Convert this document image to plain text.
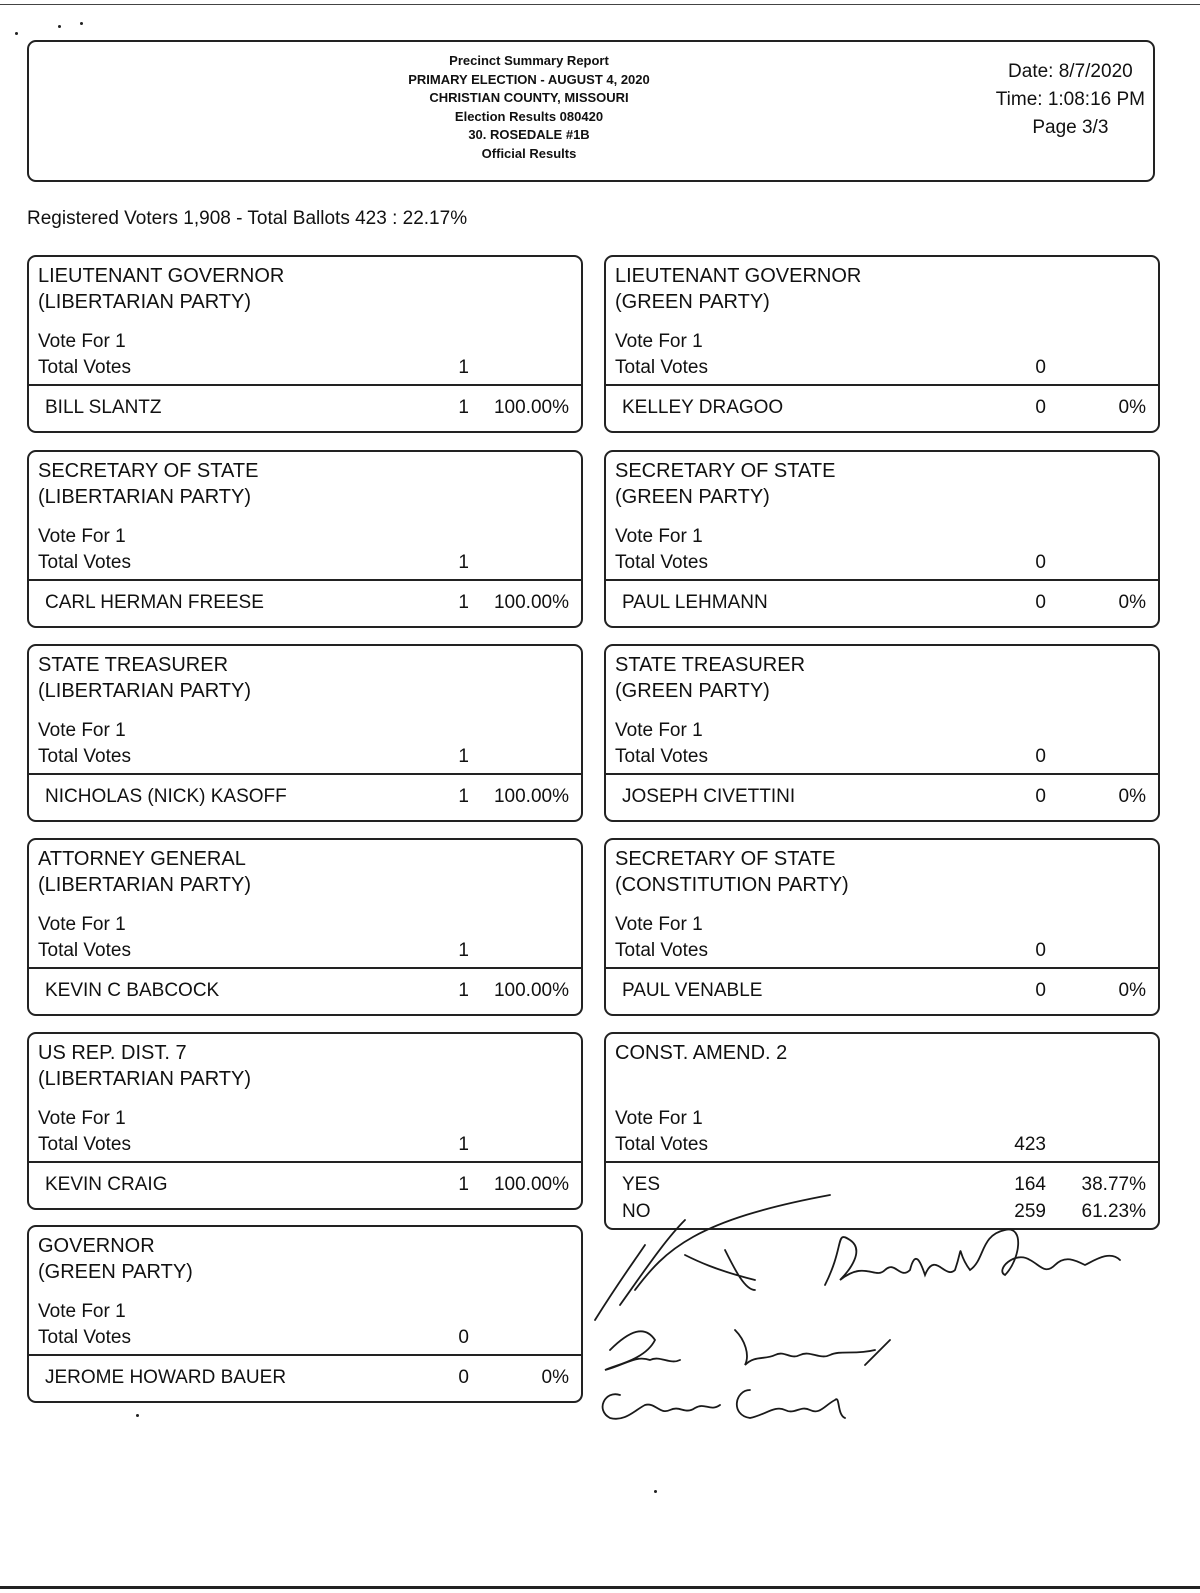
Precinct Summary Report
PRIMARY ELECTION - AUGUST 4, 2020
CHRISTIAN COUNTY, MISSOURI
Election Results 080420
30. ROSEDALE #1B
Official Results
Date: 8/7/2020
Time: 1:08:16 PM
Page 3/3
Registered Voters 1,908 - Total Ballots 423 : 22.17%
LIEUTENANT GOVERNOR
(LIBERTARIAN PARTY)
Vote For 1
Total Votes	1
BILL SLANTZ	1 100.00%
LIEUTENANT GOVERNOR
(GREEN PARTY)
Vote For 1
Total Votes	0
KELLEY DRAGOO	0	0%
SECRETARY OF STATE
(LIBERTARIAN PARTY)
Vote For 1
Total Votes	1
CARL HERMAN FREESE	1 100.00%
SECRETARY OF STATE
(GREEN PARTY)
Vote For 1
Total Votes	0
PAUL LEHMANN	0	0%
STATE TREASURER
(LIBERTARIAN PARTY)
Vote For 1
Total Votes	1
NICHOLAS (NICK) KASOFF	1 100.00%
STATE TREASURER
(GREEN PARTY)
Vote For 1
Total Votes	0
JOSEPH CIVETTINI	0	0%
ATTORNEY GENERAL
(LIBERTARIAN PARTY)
Vote For 1
Total Votes	1
KEVIN C BABCOCK	1 100.00%
SECRETARY OF STATE
(CONSTITUTION PARTY)
Vote For 1
Total Votes	0
PAUL VENABLE	0	0%
US REP. DIST. 7
(LIBERTARIAN PARTY)
Vote For 1
Total Votes	1
KEVIN CRAIG	1 100.00%
CONST. AMEND. 2
Vote For 1
Total Votes	423
YES	164 38.77%
NO	259 61.23%
GOVERNOR
(GREEN PARTY)
Vote For 1
Total Votes	0
JEROME HOWARD BAUER	0	0%
